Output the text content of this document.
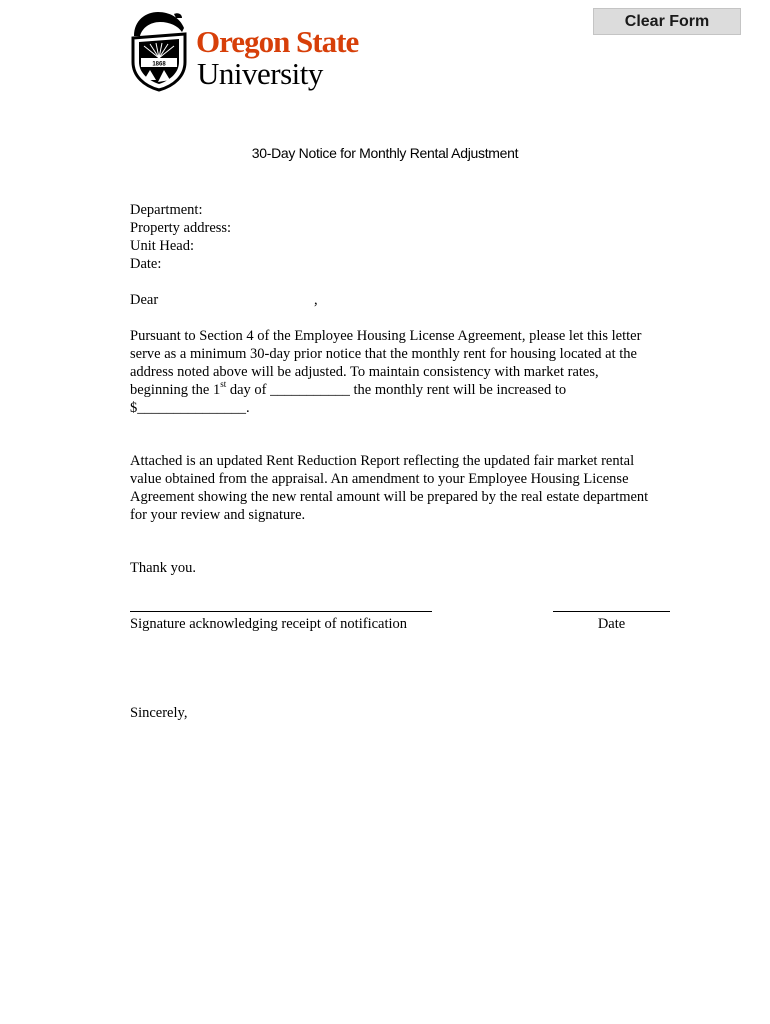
Clear Form
1868
Oregon State
University
30-Day Notice for Monthly Rental Adjustment
Department:
Property address:
Unit Head:
Date:
Dear	,
Pursuant to Section 4 of the Employee Housing License Agreement, please let this letter
serve as a minimum 30-day prior notice that the monthly rent for housing located at the
address noted above will be adjusted. To maintain consistency with market rates,
beginning the 1st day of ___________ the monthly rent will be increased to
$_______________.
Attached is an updated Rent Reduction Report reflecting the updated fair market rental
value obtained from the appraisal. An amendment to your Employee Housing License
Agreement showing the new rental amount will be prepared by the real estate department
for your review and signature.
Thank you.
Signature acknowledging receipt of notification	Date
Sincerely,
